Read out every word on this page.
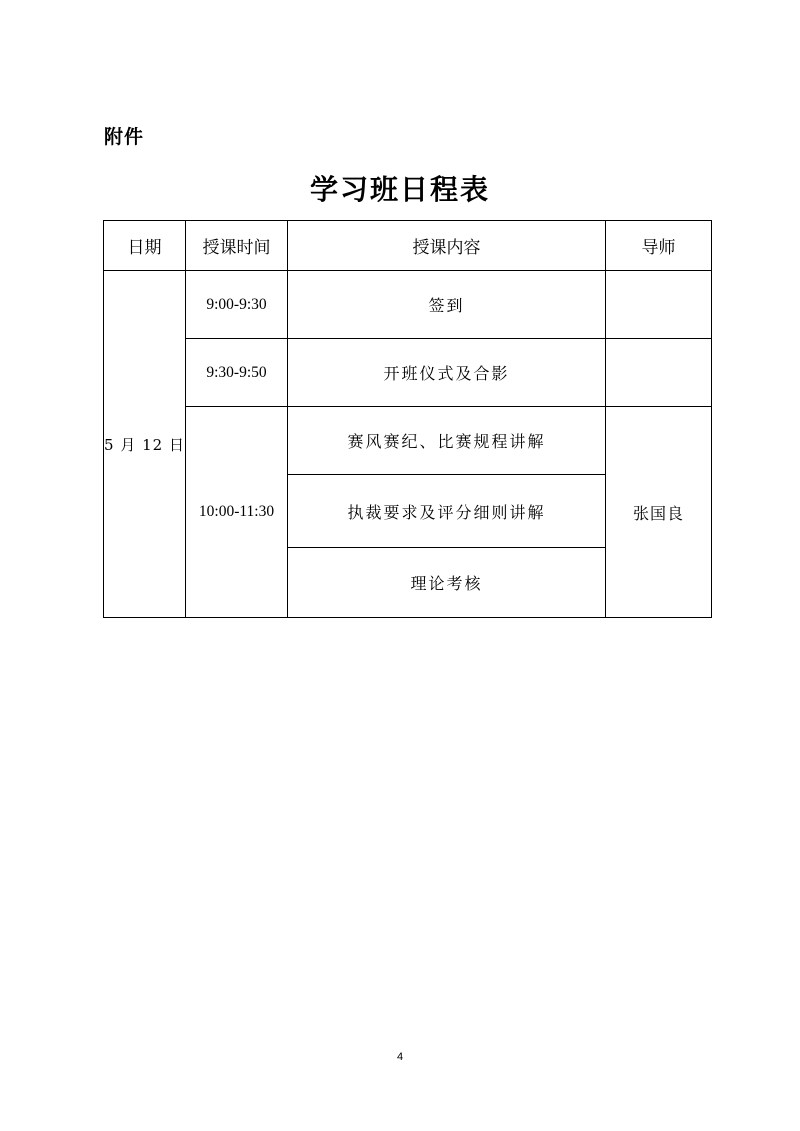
附件
学习班日程表
日期	授课时间	授课内容	导师
5 月 12 日	9:00-9:30	签到	
	9:30-9:50	开班仪式及合影	
	10:00-11:30	赛风赛纪、比赛规程讲解	张国良
		执裁要求及评分细则讲解	
		理论考核	
4
